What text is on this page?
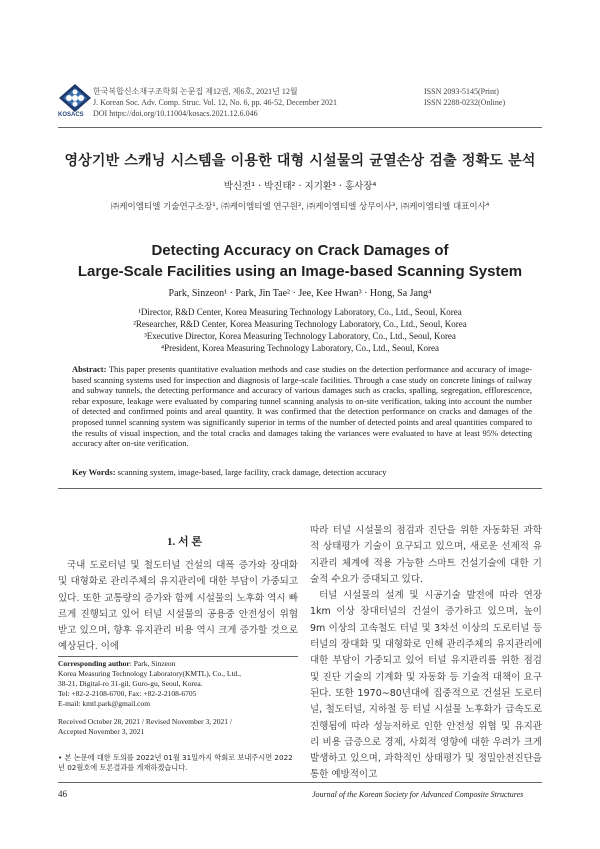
KOSACS
한국복합신소재구조학회 논문집 제12권, 제6호, 2021년 12월
J. Korean Soc. Adv. Comp. Struc. Vol. 12, No. 6, pp. 46-52, December 2021
DOI https://doi.org/10.11004/kosacs.2021.12.6.046
ISSN 2093-5145(Print)
ISSN 2288-0232(Online)
영상기반 스캐닝 시스템을 이용한 대형 시설물의 균열손상 검출 정확도 분석
박신전¹ · 박진태² · 지기환³ · 홍사장⁴
㈜케이엠티엘 기술연구소장¹, ㈜케이엠티엘 연구원², ㈜케이엠티엘 상무이사³, ㈜케이엠티엘 대표이사⁴
Detecting Accuracy on Crack Damages of
Large-Scale Facilities using an Image-based Scanning System
Park, Sinzeon¹ · Park, Jin Tae² · Jee, Kee Hwan³ · Hong, Sa Jang⁴
¹Director, R&D Center, Korea Measuring Technology Laboratory, Co., Ltd., Seoul, Korea
²Researcher, R&D Center, Korea Measuring Technology Laboratory, Co., Ltd., Seoul, Korea
³Executive Director, Korea Measuring Technology Laboratory, Co., Ltd., Seoul, Korea
⁴President, Korea Measuring Technology Laboratory, Co., Ltd., Seoul, Korea
Abstract: This paper presents quantitative evaluation methods and case studies on the detection performance and accuracy of image-based scanning systems used for inspection and diagnosis of large-scale facilities. Through a case study on concrete linings of railway and subway tunnels, the detecting performance and accuracy of various damages such as cracks, spalling, segregation, efflorescence, rebar exposure, leakage were evaluated by comparing tunnel scanning analysis to on-site verification, taking into account the number of detected and confirmed points and areal quantity. It was confirmed that the detection performance on cracks and damages of the proposed tunnel scanning system was significantly superior in terms of the number of detected points and areal quantities compared to the results of visual inspection, and the total cracks and damages taking the variances were evaluated to have at least 95% detecting accuracy after on-site verification.
Key Words: scanning system, image-based, large facility, crack damage, detection accuracy
1. 서 론

국내 도로터널 및 철도터널 건설의 대폭 증가와 장대화 및 대형화로 관리주체의 유지관리에 대한 부담이 가중되고 있다. 또한 교통량의 증가와 함께 시설물의 노후화 역시 빠르게 진행되고 있어 터널 시설물의 공용중 안전성이 위협받고 있으며, 향후 유지관리 비용 역시 크게 증가할 것으로 예상된다. 이에

Corresponding author: Park, Sinzeon
Korea Measuring Technology Laboratory(KMTL), Co., Ltd.,
38-21, Digital-ro 31-gil, Guro-gu, Seoul, Korea.
Tel: +82-2-2108-6700, Fax: +82-2-2108-6705
E-mail: kmtl.park@gmail.com
Received October 28, 2021 / Revised November 3, 2021 /
Accepted November 3, 2021
• 본 논문에 대한 토의를 2022년 01월 31일까지 학회로 보내주시면 2022년 02월호에 토론결과를 게재하겠습니다.

따라 터널 시설물의 점검과 진단을 위한 자동화된 과학적 상태평가 기술이 요구되고 있으며, 새로운 선제적 유지관리 체계에 적용 가능한 스마트 건설기술에 대한 기술적 수요가 증대되고 있다.

터널 시설물의 설계 및 시공기술 발전에 따라 연장 1km 이상 장대터널의 건설이 증가하고 있으며, 높이 9m 이상의 고속철도 터널 및 3차선 이상의 도로터널 등 터널의 장대화 및 대형화로 인해 관리주체의 유지관리에 대한 부담이 가중되고 있어 터널 유지관리를 위한 점검 및 진단 기술의 기계화 및 자동화 등 기술적 대책이 요구된다. 또한 1970∼80년대에 집중적으로 건설된 도로터널, 철도터널, 지하철 등 터널 시설물 노후화가 급속도로 진행됨에 따라 성능저하로 인한 안전성 위협 및 유지관리 비용 급증으로 경제, 사회적 영향에 대한 우려가 크게 발생하고 있으며, 과학적인 상태평가 및 정밀안전진단을 통한 예방적이고

46	Journal of the Korean Society for Advanced Composite Structures
